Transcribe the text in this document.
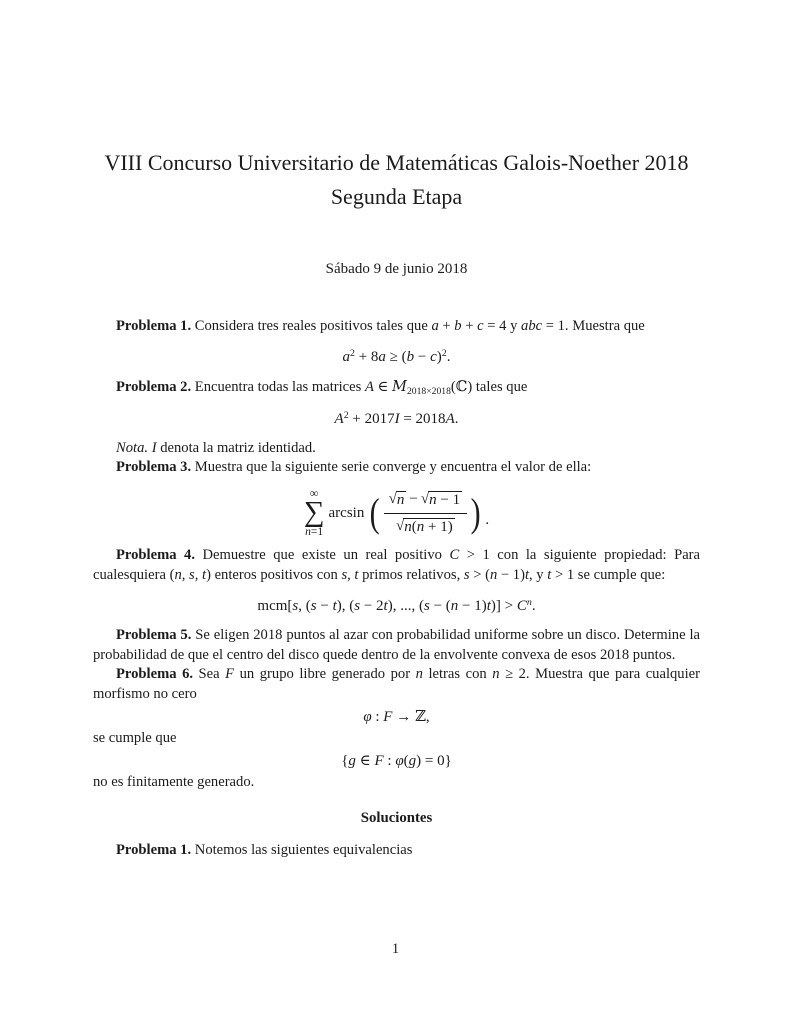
VIII Concurso Universitario de Matemáticas Galois-Noether 2018
Segunda Etapa
Sábado 9 de junio 2018

Problema 1. Considera tres reales positivos tales que a + b + c = 4 y abc = 1. Muestra que

$a^2 + 8a \ge (b - c)^2$.

Problema 2. Encuentra todas las matrices A ∈ $M_{2018\times 2018}(ℂ)$ tales que

$A^2 + 2017I = 2018A$.

Nota. I denota la matriz identidad.

Problema 3. Muestra que la siguiente serie converge y encuentra el valor de ella:

∞
∑
n=1
arcsin ( $\frac{√ n - √ n - 1}{√ n(n + 1)}$ ) .

Problema 4. Demuestre que existe un real positivo C > 1 con la siguiente propiedad: Para cualesquiera (n, s, t) enteros positivos con s, t primos relativos, s > (n − 1)t, y t > 1 se cumple que:

mcm[s, (s − t), (s − 2t), ..., $(s - (n - 1)t)] > C^n$.

Problema 5. Se eligen 2018 puntos al azar con probabilidad uniforme sobre un disco. Determine la probabilidad de que el centro del disco quede dentro de la envolvente convexa de esos 2018 puntos.

Problema 6. Sea F un grupo libre generado por n letras con n ≥ 2. Muestra que para cualquier morfismo no cero

φ : F → ℤ,

se cumple que

{g ∈ F : φ(g) = 0}

no es finitamente generado.

Soluciontes

Problema 1. Notemos las siguientes equivalencias

1
